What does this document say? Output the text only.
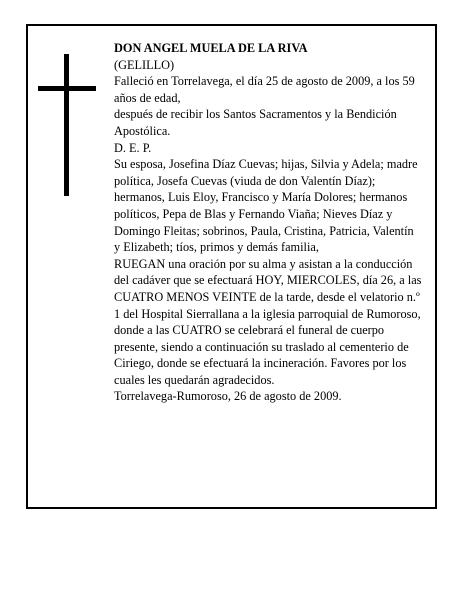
DON ANGEL MUELA DE LA RIVA

(GELILLO)

Falleció en Torrelavega, el día 25 de agosto de 2009, a los 59 años de edad,

después de recibir los Santos Sacramentos y la Bendición Apostólica.

D. E. P.

Su esposa, Josefina Díaz Cuevas; hijas, Silvia y Adela; madre política, Josefa Cuevas (viuda de don Valentín Díaz); hermanos, Luis Eloy, Francisco y María Dolores; hermanos políticos, Pepa de Blas y Fernando Viaña; Nieves Díaz y Domingo Fleitas; sobrinos, Paula, Cristina, Patricia, Valentín y Elizabeth; tíos, primos y demás familia,

RUEGAN una oración por su alma y asistan a la conducción del cadáver que se efectuará HOY, MIERCOLES, día 26, a las CUATRO MENOS VEINTE de la tarde, desde el velatorio n.º 1 del Hospital Sierrallana a la iglesia parroquial de Rumoroso, donde a las CUATRO se celebrará el funeral de cuerpo presente, siendo a continuación su traslado al cementerio de Ciriego, donde se efectuará la incineración. Favores por los cuales les quedarán agradecidos.

Torrelavega-Rumoroso, 26 de agosto de 2009.
